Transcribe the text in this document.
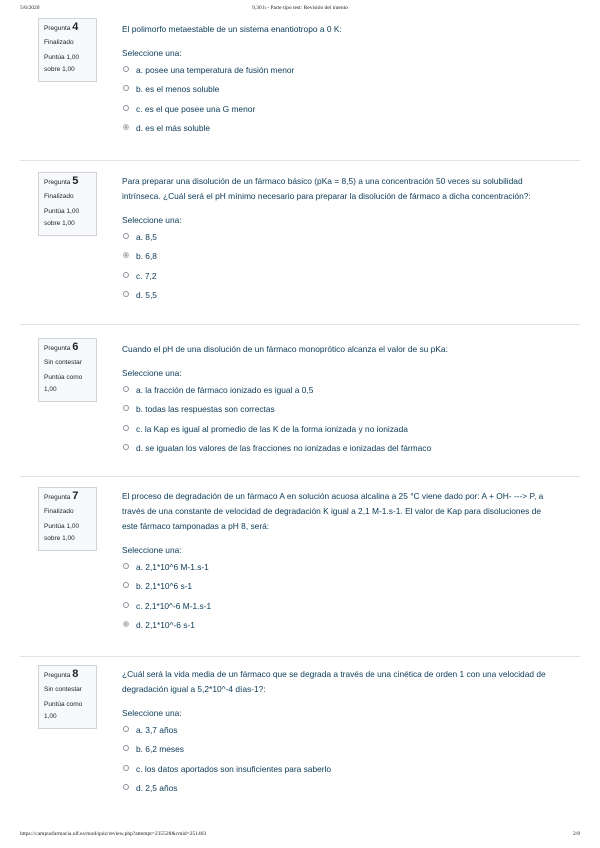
5/6/2020	9,30 h - Parte tipo test: Revisión del intento
Pregunta 4
Finalizado
Puntúa 1,00
sobre 1,00
El polimorfo metaestable de un sistema enantiotropo a 0 K:
Seleccione una:
a. posee una temperatura de fusión menor
b. es el menos soluble
c. es el que posee una G menor
d. es el más soluble
Pregunta 5
Finalizado
Puntúa 1,00
sobre 1,00
Para preparar una disolución de un fármaco básico (pKa = 8,5) a una concentración 50 veces su solubilidad intrínseca. ¿Cuál será el pH mínimo necesario para preparar la disolución de fármaco a dicha concentración?:
Seleccione una:
a. 8,5
b. 6,8
c. 7,2
d. 5,5
Pregunta 6
Sin contestar
Puntúa como
1,00
Cuando el pH de una disolución de un fármaco monoprótico alcanza el valor de su pKa:
Seleccione una:
a. la fracción de fármaco ionizado es igual a 0,5
b. todas las respuestas son correctas
c. la Kap es igual al promedio de las K de la forma ionizada y no ionizada
d. se igualan los valores de las fracciones no ionizadas e ionizadas del fármaco
Pregunta 7
Finalizado
Puntúa 1,00
sobre 1,00
El proceso de degradación de un fármaco A en solución acuosa alcalina a 25 °C viene dado por: A + OH- ---> P, a través de una constante de velocidad de degradación K igual a 2,1 M-1.s-1. El valor de Kap para disoluciones de este fármaco tamponadas a pH 8, será:
Seleccione una:
a. 2,1*10^6 M-1.s-1
b. 2,1*10^6 s-1
c. 2,1*10^-6 M-1.s-1
d. 2,1*10^-6 s-1
Pregunta 8
Sin contestar
Puntúa como
1,00
¿Cuál será la vida media de un fármaco que se degrada a través de una cinética de orden 1 con una velocidad de degradación igual a 5,2*10^-4 días-1?:
Seleccione una:
a. 3,7 años
b. 6,2 meses
c. los datos aportados son insuficientes para saberlo
d. 2,5 años
https://campusfarmacia.ulf.es/mod/quiz/review.php?attempt=235528&cmid=251403	2/8
